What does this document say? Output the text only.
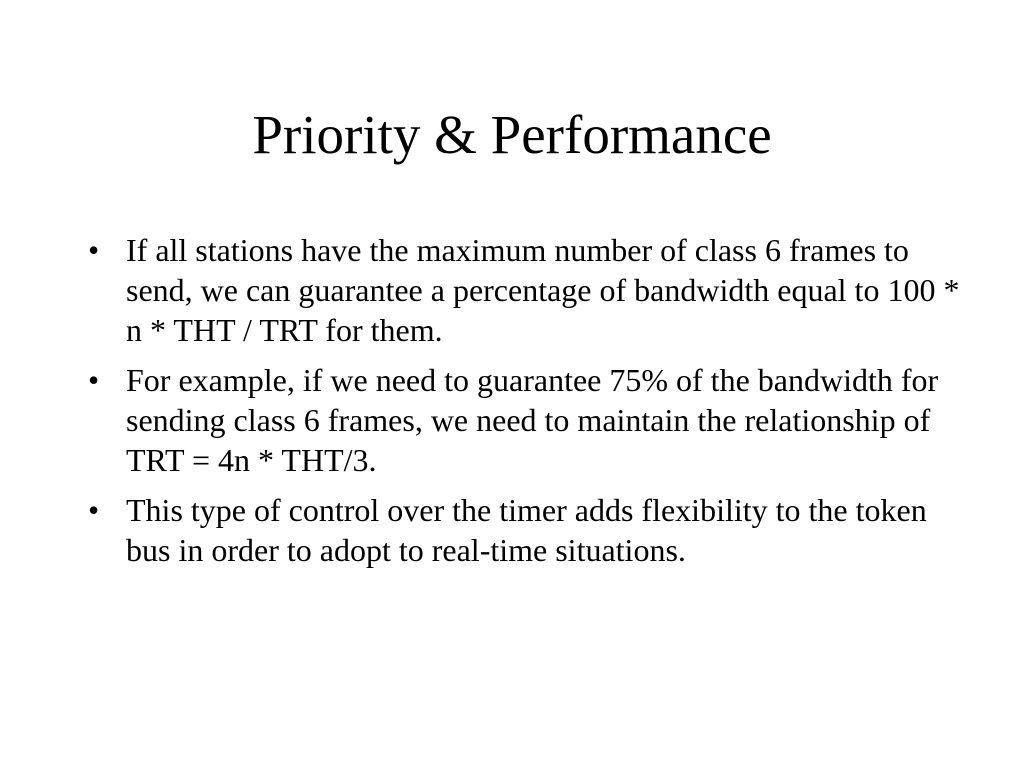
Priority & Performance
• If all stations have the maximum number of class 6 frames to send, we can guarantee a percentage of bandwidth equal to 100 * n * THT / TRT for them.
• For example, if we need to guarantee 75% of the bandwidth for sending class 6 frames, we need to maintain the relationship of TRT = 4n * THT/3.
• This type of control over the timer adds flexibility to the token bus in order to adopt to real-time situations.
